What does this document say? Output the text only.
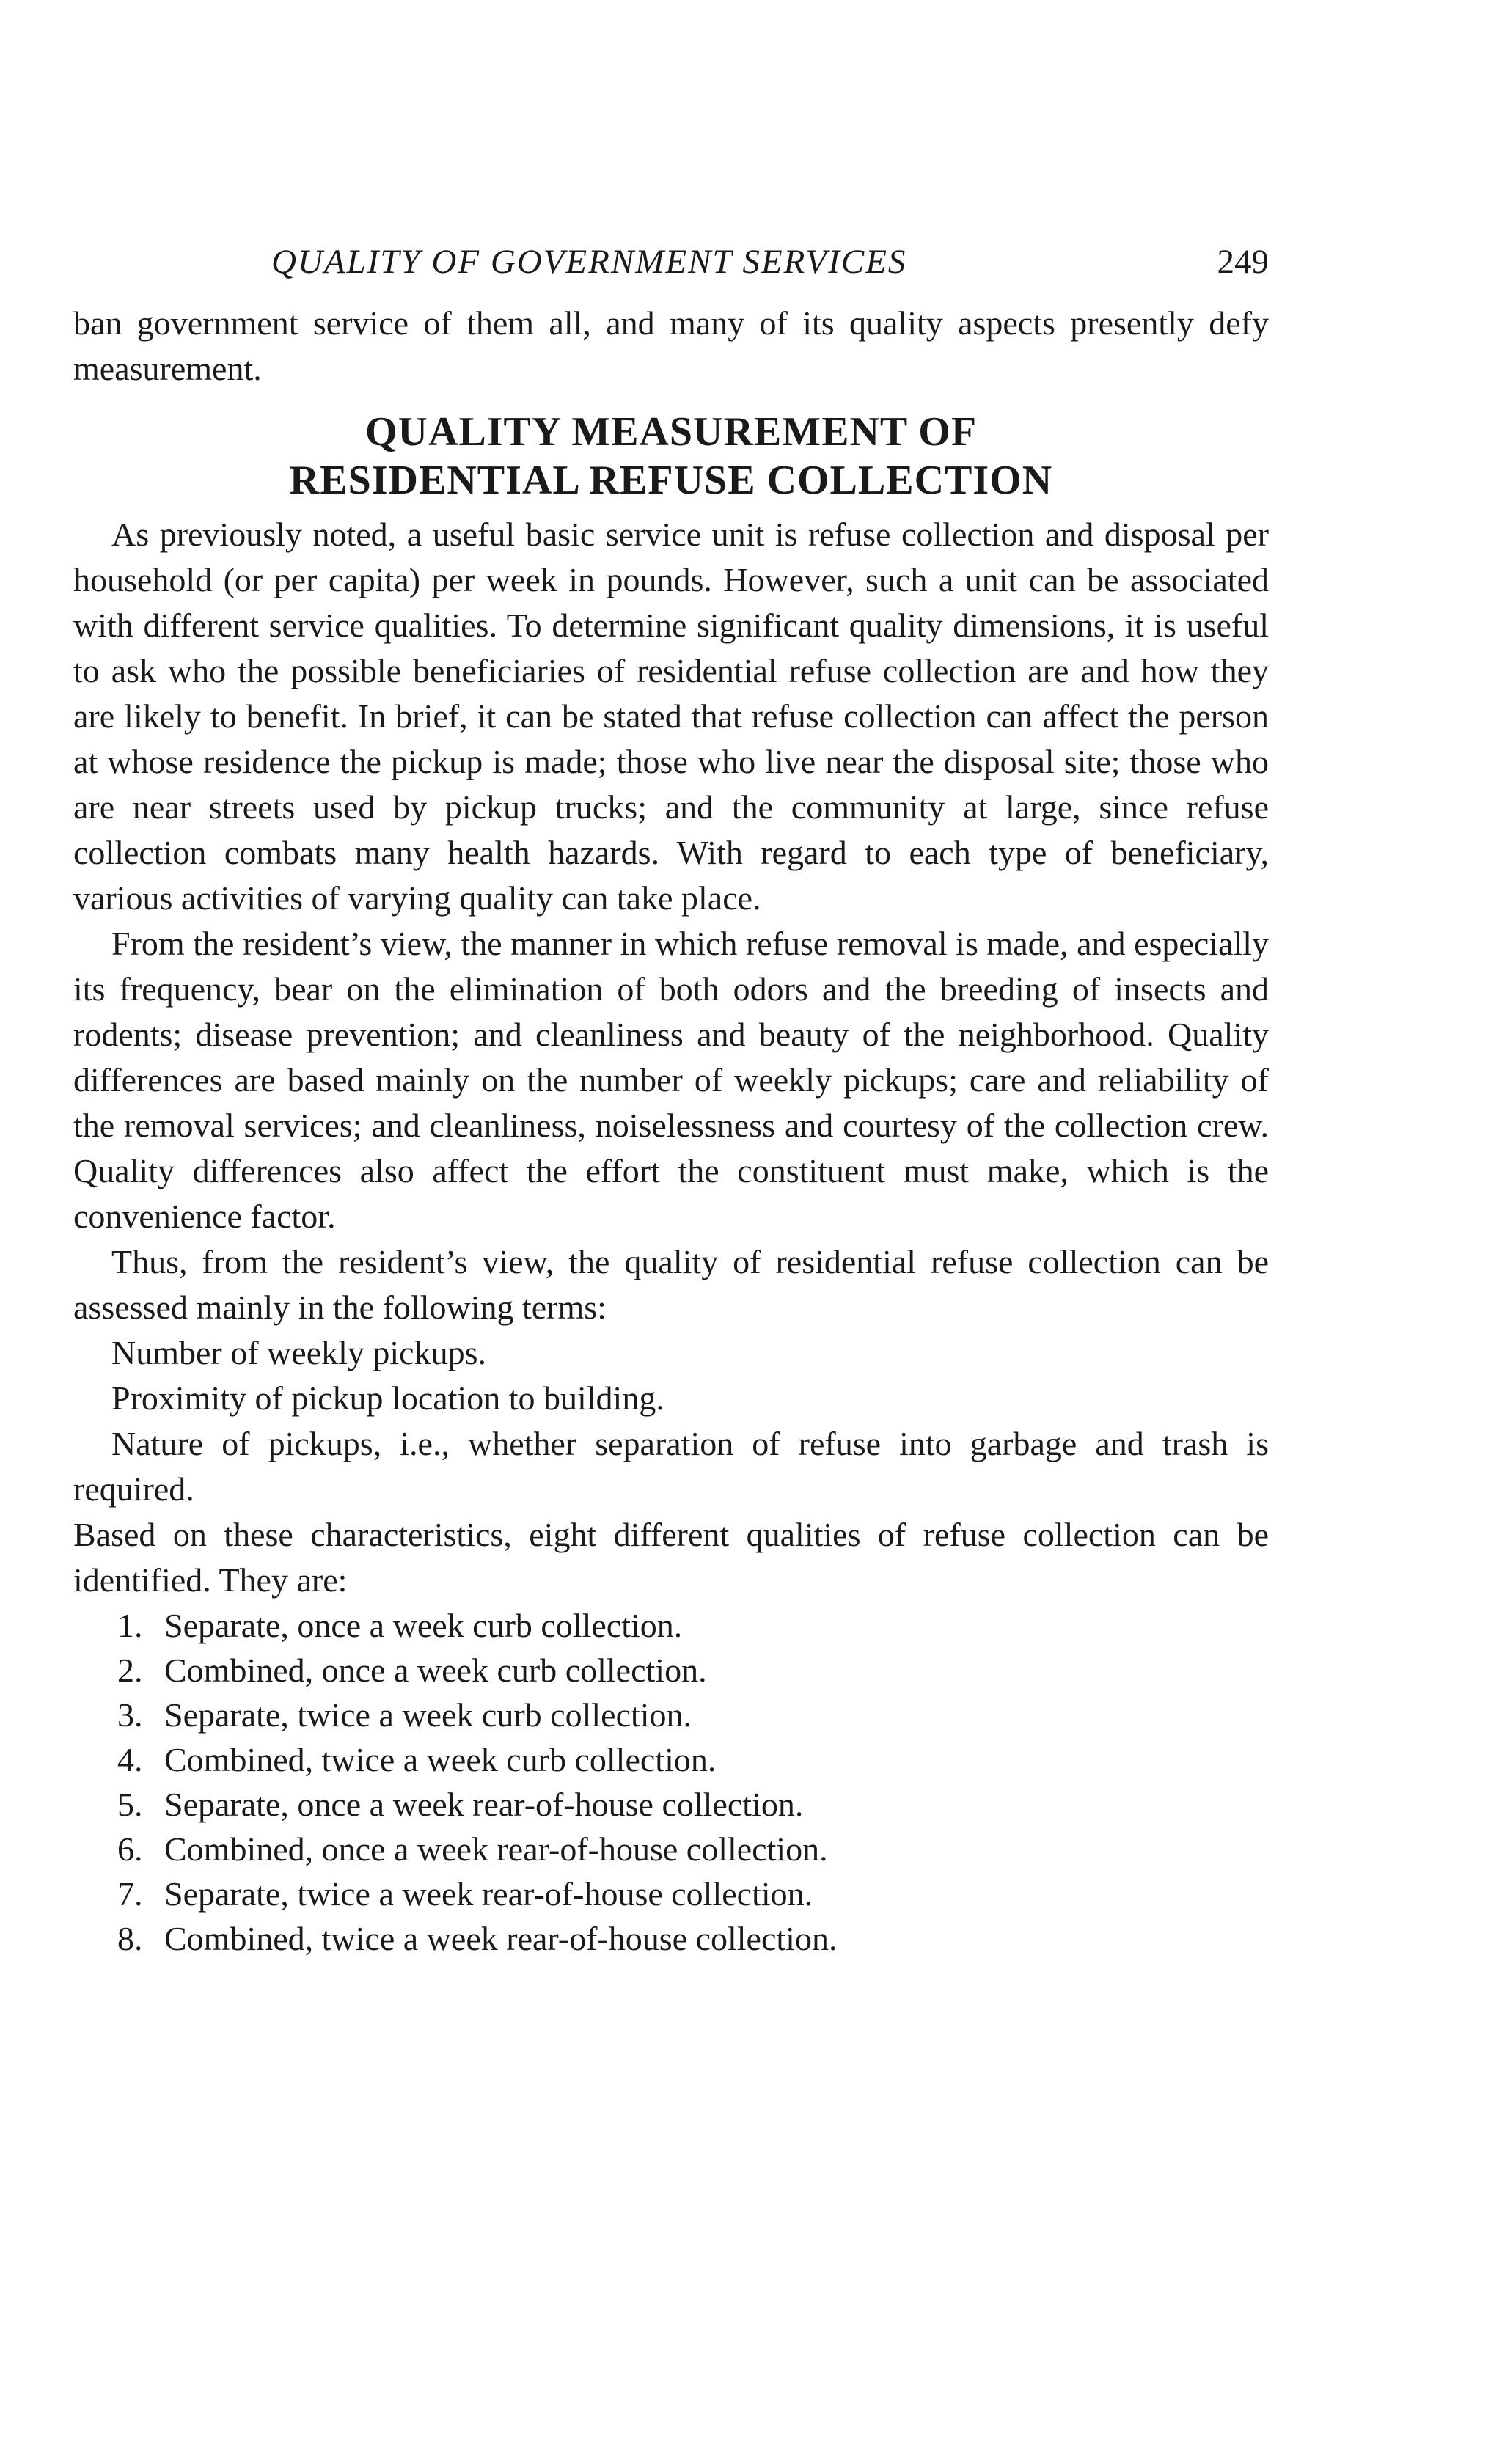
QUALITY OF GOVERNMENT SERVICES	249

ban government service of them all, and many of its quality aspects presently defy measurement.

QUALITY MEASUREMENT OF
RESIDENTIAL REFUSE COLLECTION

As previously noted, a useful basic service unit is refuse collection and disposal per household (or per capita) per week in pounds. However, such a unit can be associated with different service qualities. To determine significant quality dimensions, it is useful to ask who the possible beneficiaries of residential refuse collection are and how they are likely to benefit. In brief, it can be stated that refuse collection can affect the person at whose residence the pickup is made; those who live near the disposal site; those who are near streets used by pickup trucks; and the community at large, since refuse collection combats many health hazards. With regard to each type of beneficiary, various activities of varying quality can take place.

From the resident’s view, the manner in which refuse removal is made, and especially its frequency, bear on the elimination of both odors and the breeding of insects and rodents; disease prevention; and cleanliness and beauty of the neighborhood. Quality differences are based mainly on the number of weekly pickups; care and reliability of the removal services; and cleanliness, noiselessness and courtesy of the collection crew. Quality differences also affect the effort the constituent must make, which is the convenience factor.

Thus, from the resident’s view, the quality of residential refuse collection can be assessed mainly in the following terms:

Number of weekly pickups.

Proximity of pickup location to building.

Nature of pickups, i.e., whether separation of refuse into garbage and trash is required.

Based on these characteristics, eight different qualities of refuse collection can be identified. They are:

1. Separate, once a week curb collection.
2. Combined, once a week curb collection.
3. Separate, twice a week curb collection.
4. Combined, twice a week curb collection.
5. Separate, once a week rear-of-house collection.
6. Combined, once a week rear-of-house collection.
7. Separate, twice a week rear-of-house collection.
8. Combined, twice a week rear-of-house collection.
